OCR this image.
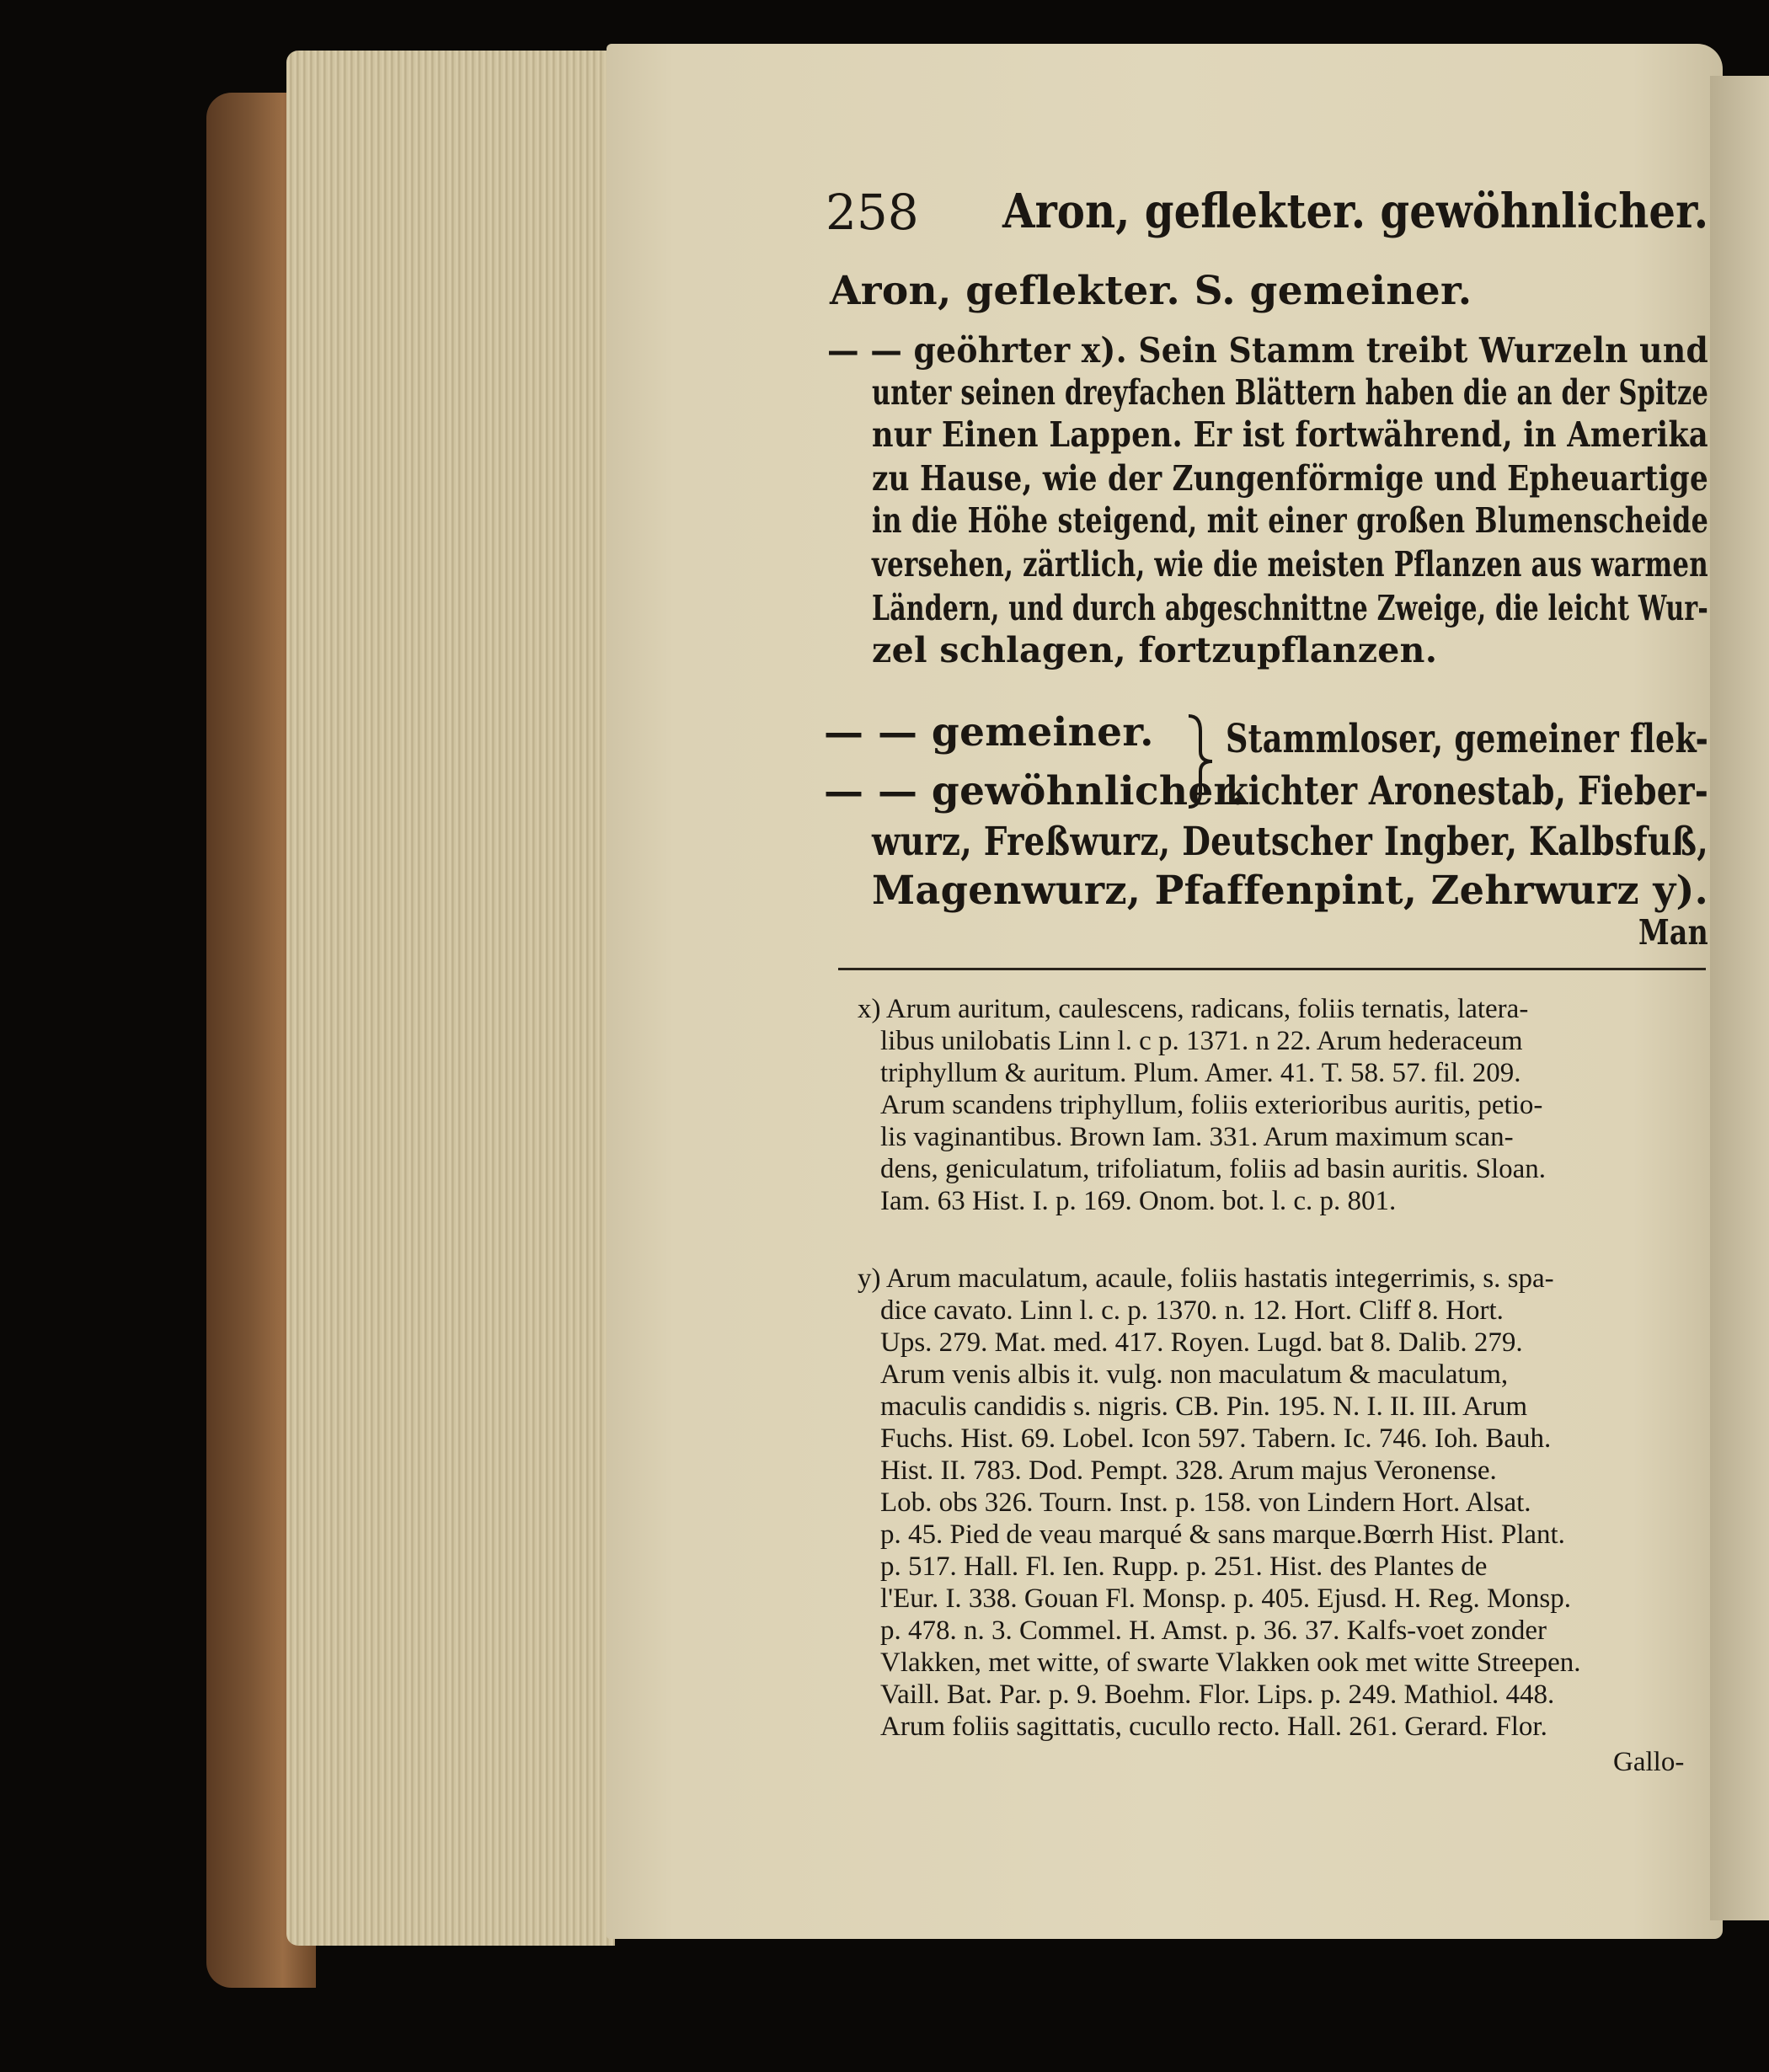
258 Aron, geflekter. gewöhnlicher.
Aron, geflekter. S. gemeiner.
— — geöhrter x). Sein Stamm treibt Wurzeln und
unter seinen dreyfachen Blättern haben die an der Spitze
nur Einen Lappen. Er ist fortwährend, in Amerika
zu Hause, wie der Zungenförmige und Epheuartige
in die Höhe steigend, mit einer großen Blumenscheide
versehen, zärtlich, wie die meisten Pflanzen aus warmen
Ländern, und durch abgeschnittne Zweige, die leicht Wur-
zel schlagen, fortzupflanzen.
— — gemeiner.
— — gewöhnlicher.
Stammloser, gemeiner flek-
kichter Aronestab, Fieber-
wurz, Freßwurz, Deutscher Ingber, Kalbsfuß,
Magenwurz, Pfaffenpint, Zehrwurz y).
Man
x) Arum auritum, caulescens, radicans, foliis ternatis, latera-
libus unilobatis Linn l. c p. 1371. n 22. Arum hederaceum
triphyllum & auritum. Plum. Amer. 41. T. 58. 57. fil. 209.
Arum scandens triphyllum, foliis exterioribus auritis, petio-
lis vaginantibus. Brown Iam. 331. Arum maximum scan-
dens, geniculatum, trifoliatum, foliis ad basin auritis. Sloan.
Iam. 63 Hist. I. p. 169. Onom. bot. l. c. p. 801.
y) Arum maculatum, acaule, foliis hastatis integerrimis, s. spa-
dice cavato. Linn l. c. p. 1370. n. 12. Hort. Cliff 8. Hort.
Ups. 279. Mat. med. 417. Royen. Lugd. bat 8. Dalib. 279.
Arum venis albis it. vulg. non maculatum & maculatum,
maculis candidis s. nigris. CB. Pin. 195. N. I. II. III. Arum
Fuchs. Hist. 69. Lobel. Icon 597. Tabern. Ic. 746. Ioh. Bauh.
Hist. II. 783. Dod. Pempt. 328. Arum majus Veronense.
Lob. obs 326. Tourn. Inst. p. 158. von Lindern Hort. Alsat.
p. 45. Pied de veau marqué & sans marque.Bœrrh Hist. Plant.
p. 517. Hall. Fl. Ien. Rupp. p. 251. Hist. des Plantes de
l'Eur. I. 338. Gouan Fl. Monsp. p. 405. Ejusd. H. Reg. Monsp.
p. 478. n. 3. Commel. H. Amst. p. 36. 37. Kalfs-voet zonder
Vlakken, met witte, of swarte Vlakken ook met witte Streepen.
Vaill. Bat. Par. p. 9. Boehm. Flor. Lips. p. 249. Mathiol. 448.
Arum foliis sagittatis, cucullo recto. Hall. 261. Gerard. Flor.
Gallo-
